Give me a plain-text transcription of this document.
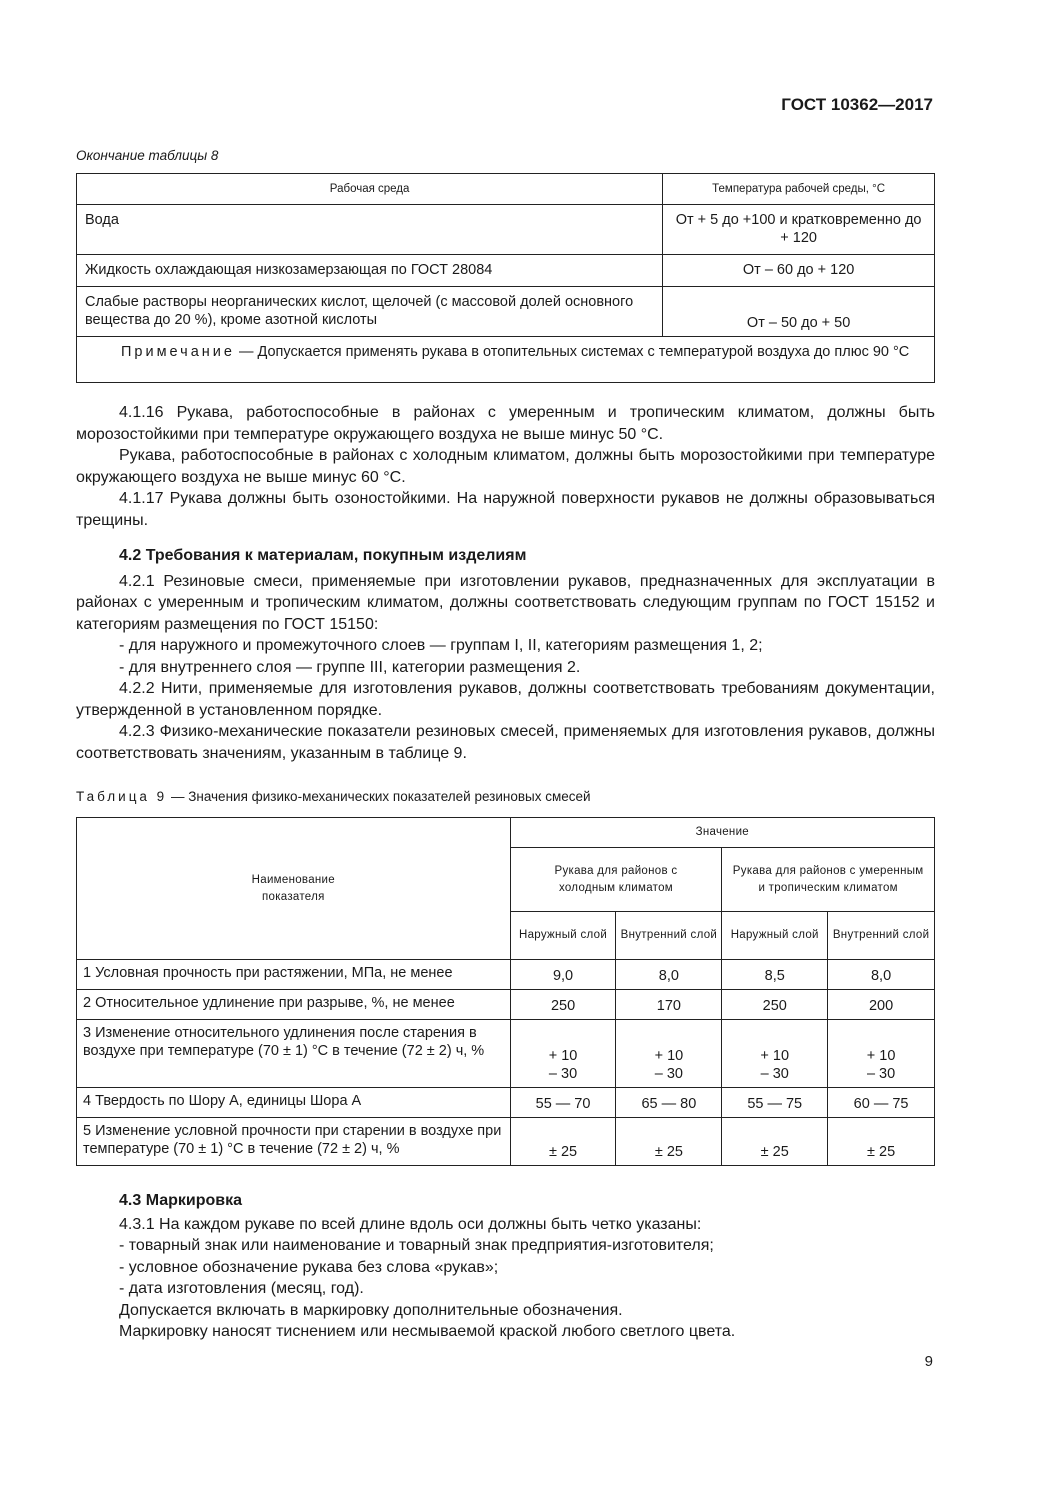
ГОСТ 10362—2017
Окончание таблицы 8
Рабочая среда	Температура рабочей среды, °C
Вода	От + 5 до +100 и кратковременно до + 120
Жидкость охлаждающая низкозамерзающая по ГОСТ 28084	От – 60 до + 120
Слабые растворы неорганических кислот, щелочей (с массовой долей основного вещества до 20 %), кроме азотной кислоты	От – 50 до + 50
Примечание — Допускается применять рукава в отопительных системах с температурой воздуха до плюс 90 °C	

4.1.16 Рукава, работоспособные в районах с умеренным и тропическим климатом, должны быть морозостойкими при температуре окружающего воздуха не выше минус 50 °С.

Рукава, работоспособные в районах с холодным климатом, должны быть морозостойкими при температуре окружающего воздуха не выше минус 60 °С.

4.1.17 Рукава должны быть озоностойкими. На наружной поверхности рукавов не должны образовываться трещины.

4.2 Требования к материалам, покупным изделиям

4.2.1 Резиновые смеси, применяемые при изготовлении рукавов, предназначенных для эксплуатации в районах с умеренным и тропическим климатом, должны соответствовать следующим группам по ГОСТ 15152 и категориям размещения по ГОСТ 15150:

- для наружного и промежуточного слоев — группам I, II, категориям размещения 1, 2;

- для внутреннего слоя — группе III, категории размещения 2.

4.2.2 Нити, применяемые для изготовления рукавов, должны соответствовать требованиям документации, утвержденной в установленном порядке.

4.2.3 Физико-механические показатели резиновых смесей, применяемых для изготовления рукавов, должны соответствовать значениям, указанным в таблице 9.

Таблица 9 — Значения физико-механических показателей резиновых смесей
Наименование показателя	Значение			
	Рукава для районов с холодным климатом		Рукава для районов с умеренным и тропическим климатом	
	Наружный слой	Внутренний слой	Наружный слой	Внутренний слой
1 Условная прочность при растяжении, МПа, не менее	9,0	8,0	8,5	8,0
2 Относительное удлинение при разрыве, %, не менее	250	170	250	200
3 Изменение относительного удлинения после старения в воздухе при температуре (70 ± 1) °С в течение (72 ± 2) ч, %	+ 10 – 30	+ 10 – 30	+ 10 – 30	+ 10 – 30
4 Твердость по Шору А, единицы Шора А	55 — 70	65 — 80	55 — 75	60 — 75
5 Изменение условной прочности при старении в воздухе при температуре (70 ± 1) °С в течение (72 ± 2) ч, %	± 25	± 25	± 25	± 25

4.3 Маркировка

4.3.1 На каждом рукаве по всей длине вдоль оси должны быть четко указаны:

- товарный знак или наименование и товарный знак предприятия-изготовителя;

- условное обозначение рукава без слова «рукав»;

- дата изготовления (месяц, год).

Допускается включать в маркировку дополнительные обозначения.

Маркировку наносят тиснением или несмываемой краской любого светлого цвета.

9
